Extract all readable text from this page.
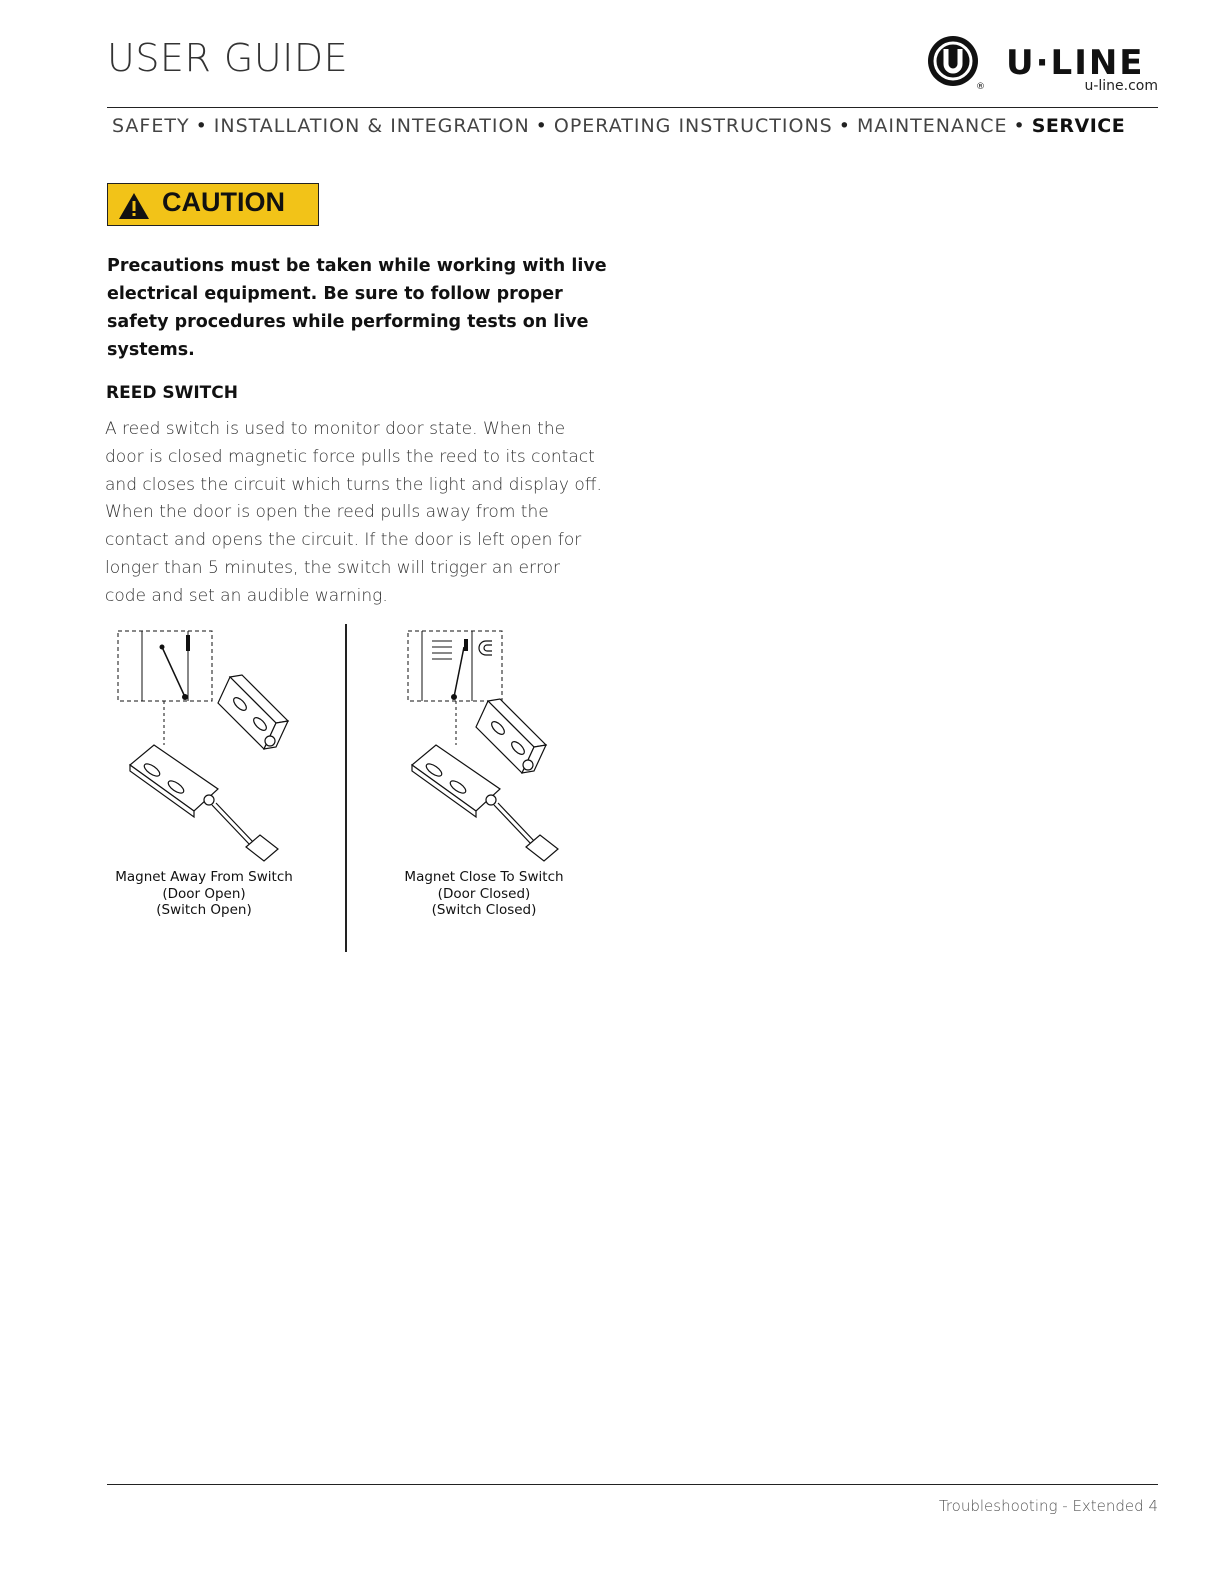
USER GUIDE
®
U·LINE
u-line.com
SAFETY • INSTALLATION & INTEGRATION • OPERATING INSTRUCTIONS • MAINTENANCE • SERVICE
CAUTION
Precautions must be taken while working with live electrical equipment. Be sure to follow proper safety procedures while performing tests on live systems.
REED SWITCH
A reed switch is used to monitor door state. When the door is closed magnetic force pulls the reed to its contact and closes the circuit which turns the light and display off. When the door is open the reed pulls away from the contact and opens the circuit. If the door is left open for longer than 5 minutes, the switch will trigger an error code and set an audible warning.
Magnet Away From Switch
(Door Open)
(Switch Open)
Magnet Close To Switch
(Door Closed)
(Switch Closed)
Troubleshooting - Extended 4
